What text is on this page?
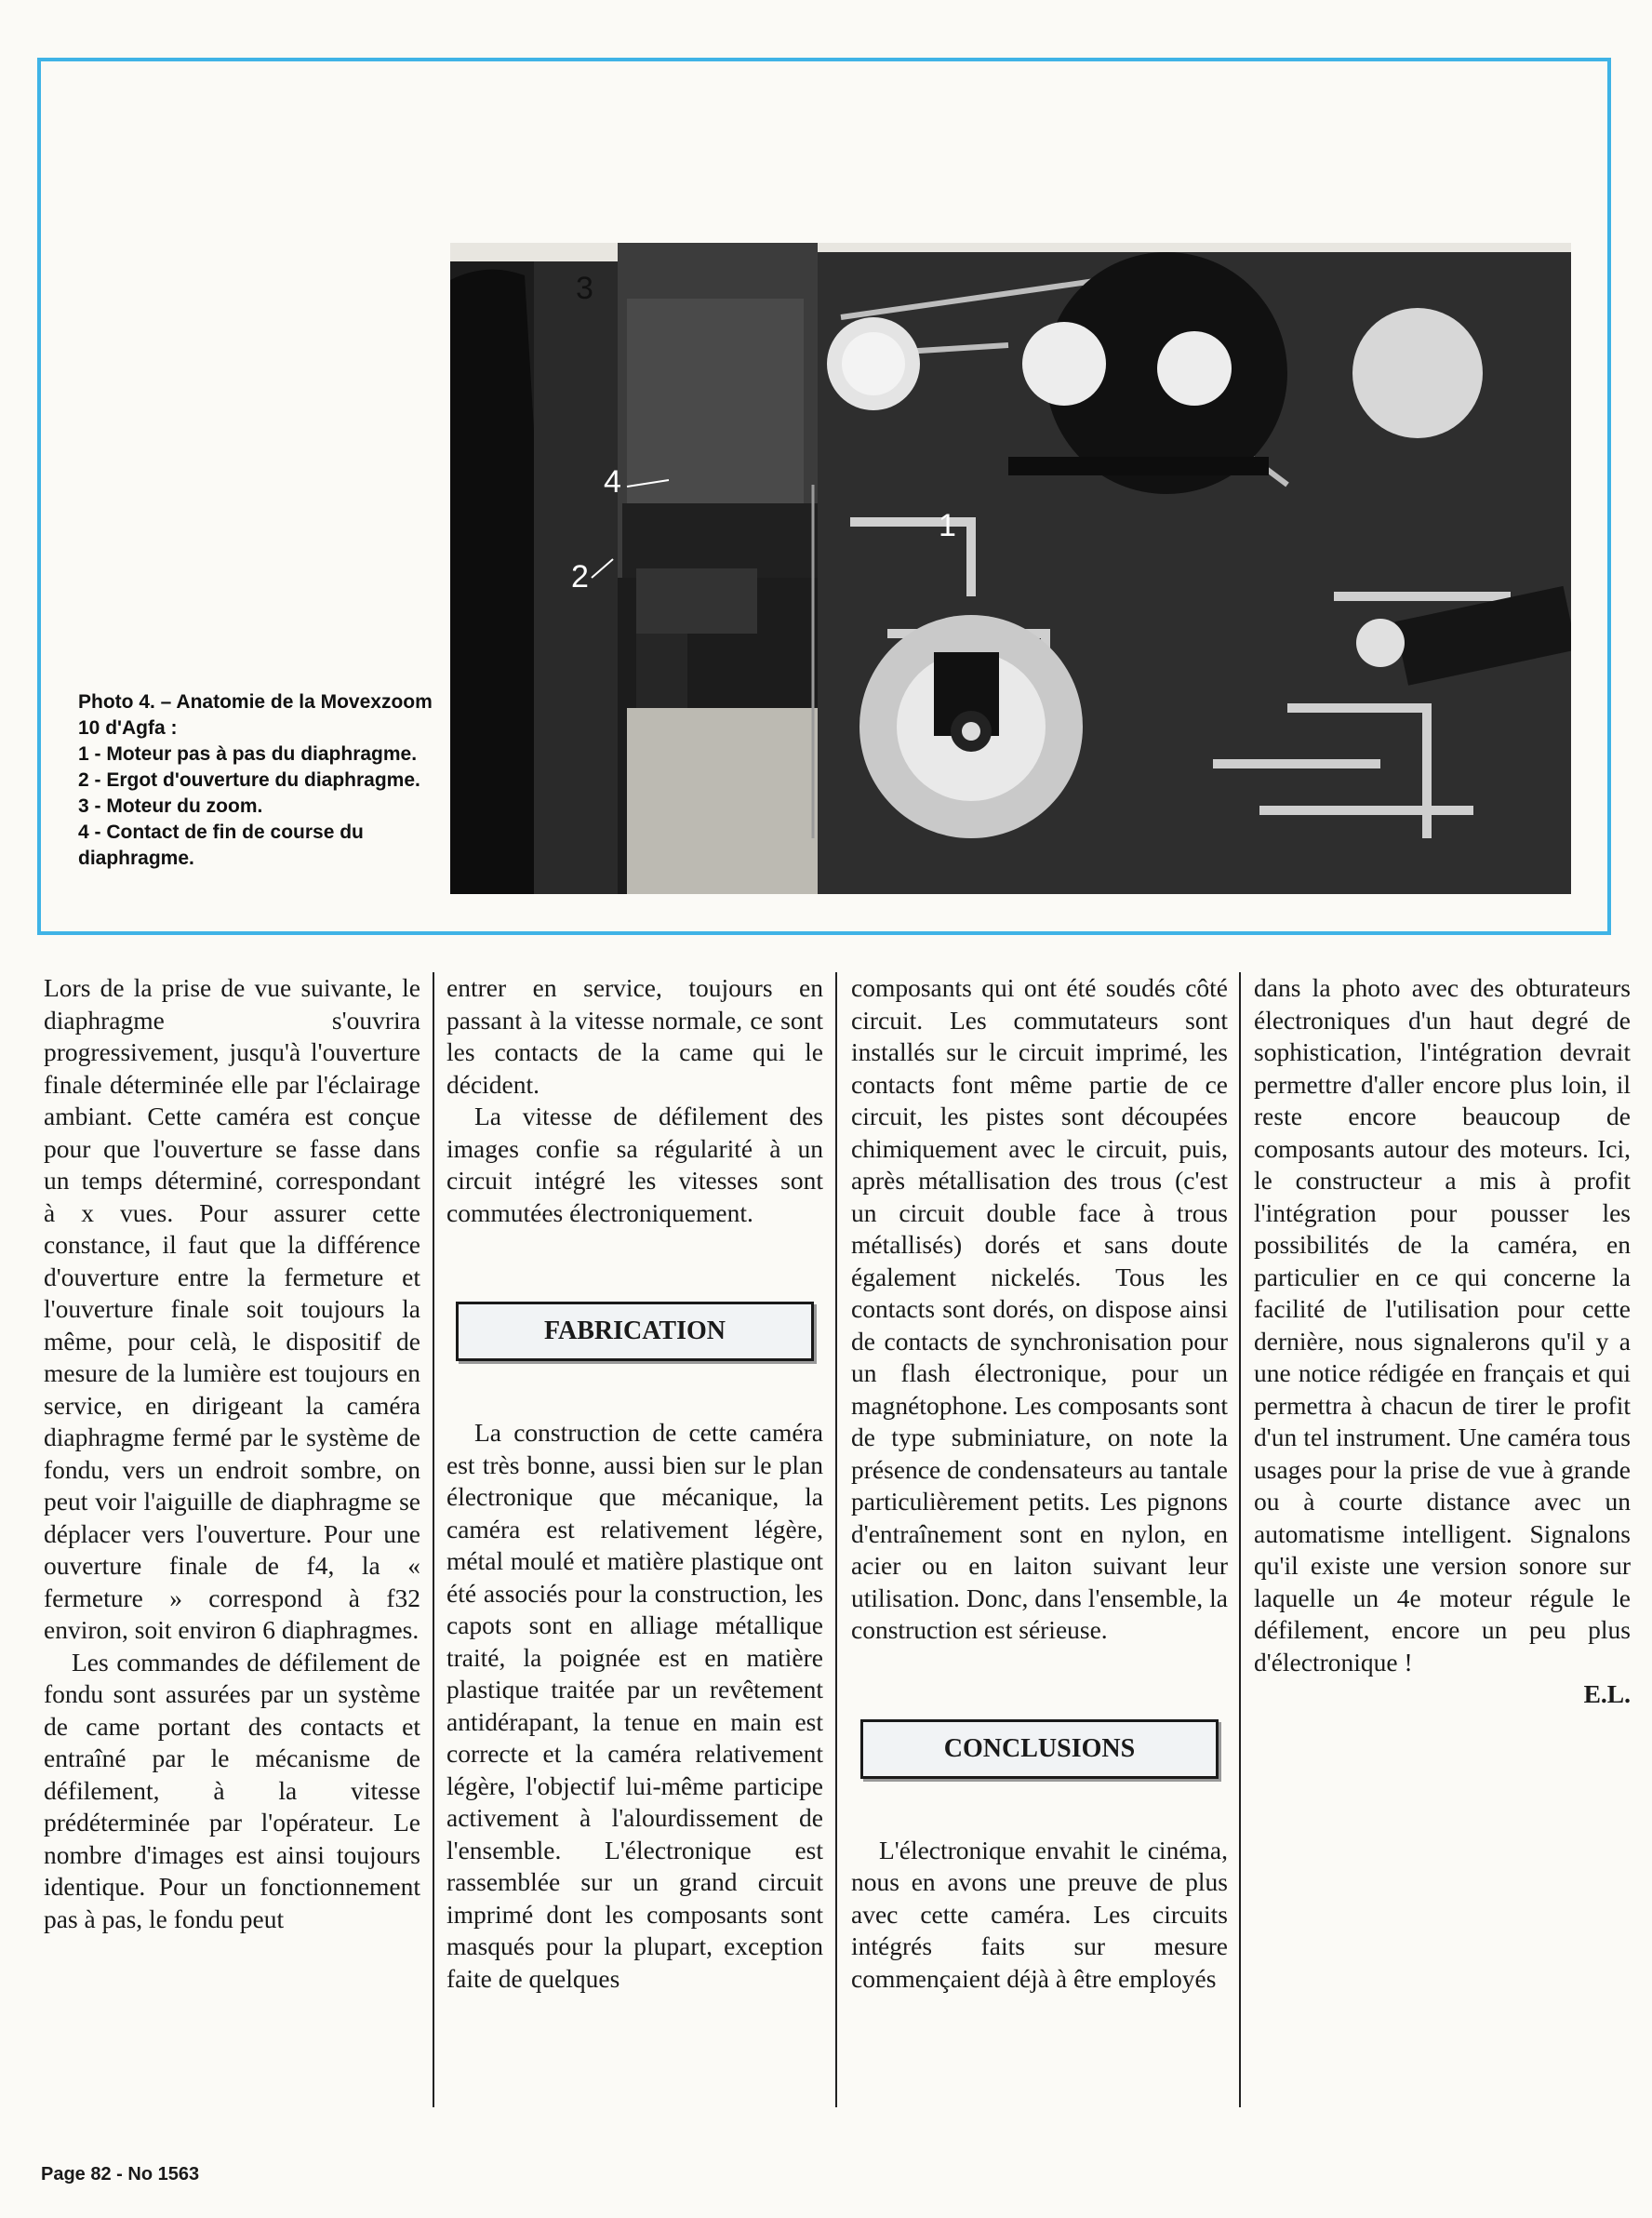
3
1
4
2

Photo 4. – Anatomie de la Movexzoom 10 d'Agfa :

1 - Moteur pas à pas du diaphragme.

2 - Ergot d'ouverture du diaphragme.

3 - Moteur du zoom.

4 - Contact de fin de course du diaphragme.

Lors de la prise de vue suivante, le diaphragme s'ouvrira progressivement, jusqu'à l'ouverture finale déterminée elle par l'éclairage ambiant. Cette caméra est conçue pour que l'ouverture se fasse dans un temps déterminé, correspondant à x vues. Pour assurer cette constance, il faut que la différence d'ouverture entre la fermeture et l'ouverture finale soit toujours la même, pour celà, le dispositif de mesure de la lumière est toujours en service, en dirigeant la caméra diaphragme fermé par le système de fondu, vers un endroit sombre, on peut voir l'aiguille de diaphragme se déplacer vers l'ouverture. Pour une ouverture finale de f4, la « fermeture » correspond à f32 environ, soit environ 6 diaphragmes.

Les commandes de défilement de fondu sont assurées par un système de came portant des contacts et entraîné par le mécanisme de défilement, à la vitesse prédéterminée par l'opérateur. Le nombre d'images est ainsi toujours identique. Pour un fonctionnement pas à pas, le fondu peut

entrer en service, toujours en passant à la vitesse normale, ce sont les contacts de la came qui le décident.

La vitesse de défilement des images confie sa régularité à un circuit intégré les vitesses sont commutées électroniquement.

FABRICATION

La construction de cette caméra est très bonne, aussi bien sur le plan électronique que mécanique, la caméra est relativement légère, métal moulé et matière plastique ont été associés pour la construction, les capots sont en alliage métallique traité, la poignée est en matière plastique traitée par un revêtement antidérapant, la tenue en main est correcte et la caméra relativement légère, l'objectif lui-même participe activement à l'alourdissement de l'ensemble. L'électronique est rassemblée sur un grand circuit imprimé dont les composants sont masqués pour la plupart, exception faite de quelques

composants qui ont été soudés côté circuit. Les commutateurs sont installés sur le circuit imprimé, les contacts font même partie de ce circuit, les pistes sont découpées chimiquement avec le circuit, puis, après métallisation des trous (c'est un circuit double face à trous métallisés) dorés et sans doute également nickelés. Tous les contacts sont dorés, on dispose ainsi de contacts de synchronisation pour un flash électronique, pour un magnétophone. Les composants sont de type subminiature, on note la présence de condensateurs au tantale particulièrement petits. Les pignons d'entraînement sont en nylon, en acier ou en laiton suivant leur utilisation. Donc, dans l'ensemble, la construction est sérieuse.

CONCLUSIONS

L'électronique envahit le cinéma, nous en avons une preuve de plus avec cette caméra. Les circuits intégrés faits sur mesure commençaient déjà à être employés

dans la photo avec des obturateurs électroniques d'un haut degré de sophistication, l'intégration devrait permettre d'aller encore plus loin, il reste encore beaucoup de composants autour des moteurs. Ici, le constructeur a mis à profit l'intégration pour pousser les possibilités de la caméra, en particulier en ce qui concerne la facilité de l'utilisation pour cette dernière, nous signalerons qu'il y a une notice rédigée en français et qui permettra à chacun de tirer le profit d'un tel instrument. Une caméra tous usages pour la prise de vue à grande ou à courte distance avec un automatisme intelligent. Signalons qu'il existe une version sonore sur laquelle un 4e moteur régule le défilement, encore un peu plus d'électronique !

E.L.

Page 82 - No 1563
